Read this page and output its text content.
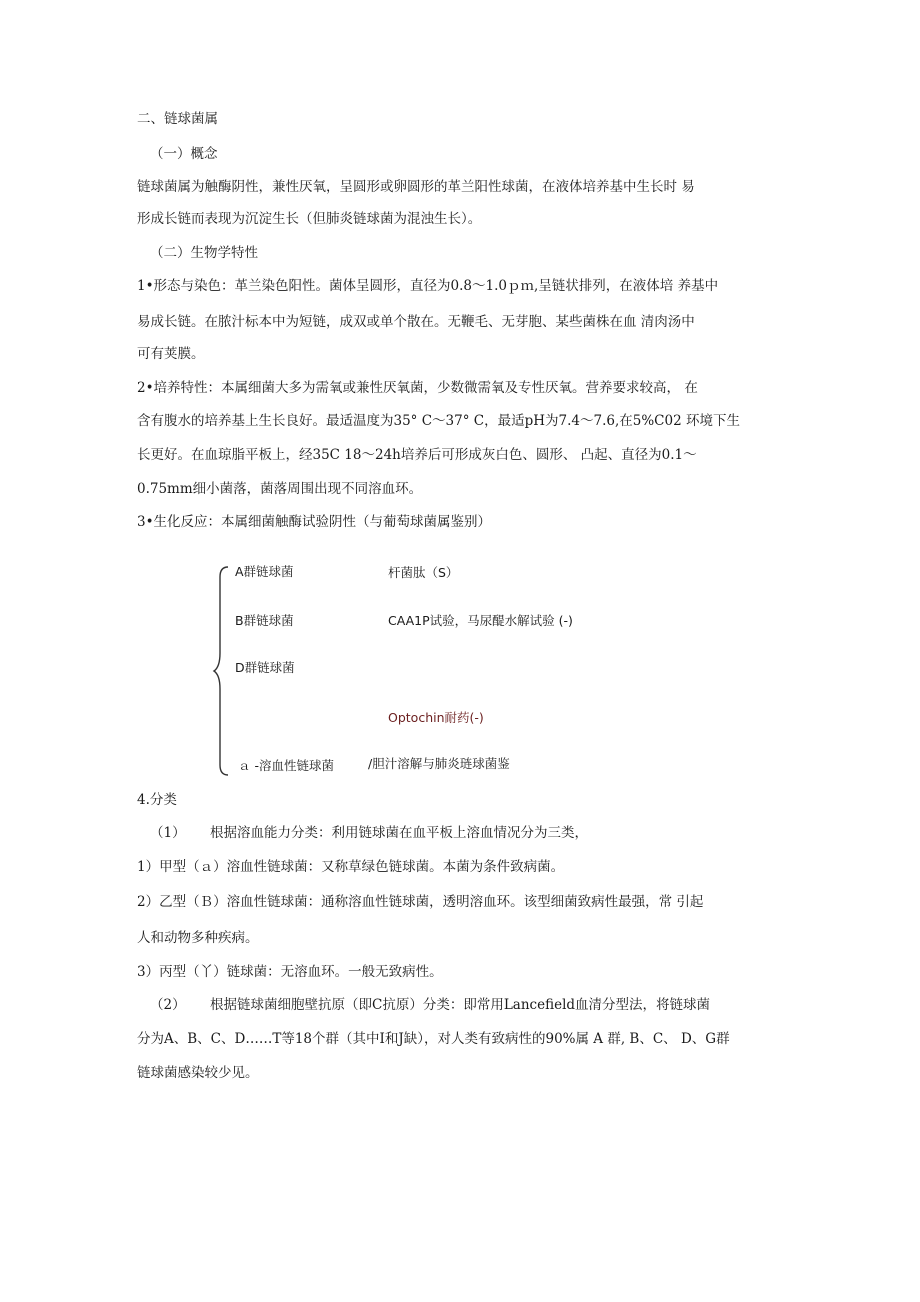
二、链球菌属
（一）概念
链球菌属为触酶阴性，兼性厌氧，呈圆形或卵圆形的革兰阳性球菌，在液体培养基中生长时 易
形成长链而表现为沉淀生长（但肺炎链球菌为混浊生长）。
（二）生物学特性
1•形态与染色：革兰染色阳性。菌体呈圆形，直径为0.8～1.0ｐｍ,呈链状排列，在液体培 养基中
易成长链。在脓汁标本中为短链，成双或单个散在。无鞭毛、无芽胞、某些菌株在血 清肉汤中
可有荚膜。
2•培养特性：本属细菌大多为需氧或兼性厌氧菌，少数微需氧及专性厌氧。营养要求较高， 在
含有腹水的培养基上生长良好。最适温度为35° C～37° C，最适pH为7.4～7.6,在5%C02 环境下生
长更好。在血琼脂平板上，经35C 18～24h培养后可形成灰白色、圆形、 凸起、直径为0.1～
0.75mm细小菌落，菌落周围出现不同溶血环。
3•生化反应：本属细菌触酶试验阴性（与葡萄球菌属鉴别）
A群链球菌
B群链球菌
D群链球菌
ａ -溶血性链球菌
杆菌肽（S）
CAA1P试验，马尿醍水解试验 (-)
Optochin耐药(-)
/胆汁溶解与肺炎琏球菌鉴
4.分类
（1） 根据溶血能力分类：利用链球菌在血平板上溶血情况分为三类，
1）甲型（ａ）溶血性链球菌：又称草绿色链球菌。本菌为条件致病菌。
2）乙型（Ｂ）溶血性链球菌：通称溶血性链球菌，透明溶血环。该型细菌致病性最强，常 引起
人和动物多种疾病。
3）丙型（丫）链球菌：无溶血环。一般无致病性。
（2） 根据链球菌细胞壁抗原（即C抗原）分类：即常用Lancefield血清分型法，将链球菌
分为A、B、C、D……T等18个群（其中I和J缺），对人类有致病性的90%属 A 群, B、C、 D、G群
链球菌感染较少见。
